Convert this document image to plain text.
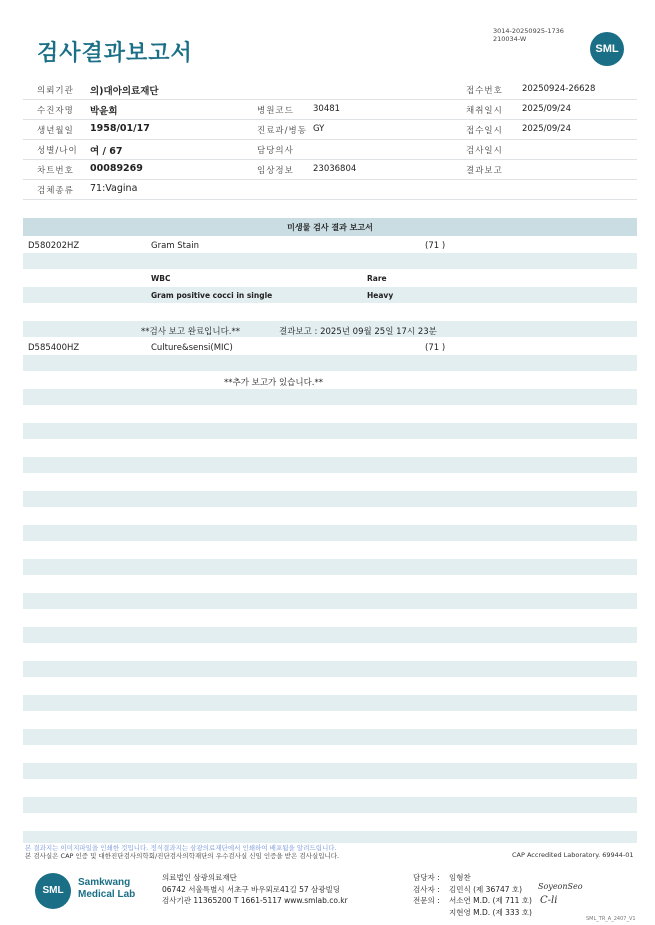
검사결과보고서
3014-20250925-1736
210034-W
SML
의뢰기관 의)대아의료재단	접수번호 20250924-26628
수진자명 박윤희	병원코드 30481	채취일시 2025/09/24
생년월일 1958/01/17	진료과/병동 GY	접수일시 2025/09/24
성별/나이 여 / 67	담당의사	검사일시
차트번호 00089269	임상정보 23036804	결과보고
검체종류 71:Vagina
미생물 검사 결과 보고서
D580202HZ	Gram Stain	(71 )
WBC	Rare
Gram positive cocci in single	Heavy
**검사 보고 완료입니다.**	결과보고 : 2025년 09월 25일 17시 23분
D585400HZ	Culture&sensi(MIC)	(71 )
**추가 보고가 있습니다.**
본 결과지는 이미지파일을 인쇄한 것입니다. 정식결과지는 삼광의료재단에서 인쇄하여 배포됨을 알려드립니다.
본 검사실은 CAP 인증 및 대한진단검사의학회/진단검사의학재단의 우수검사실 신임 인증을 받은 검사실입니다.	CAP Accredited Laboratory. 69944-01
SML
Samkwang
Medical Lab
의료법인 삼광의료재단
06742 서울특별시 서초구 바우뫼로41길 57 삼광빌딩
검사기관 11365200 T 1661-5117 www.smlab.co.kr
담당자 : 임형찬
검사자 : 김민식 (제 36747 호)
전문의 : 서소연 M.D. (제 711 호)
지현영 M.D. (제 333 호)
SoyeonSeo
C-li
SML_TR_A_2407_V1
